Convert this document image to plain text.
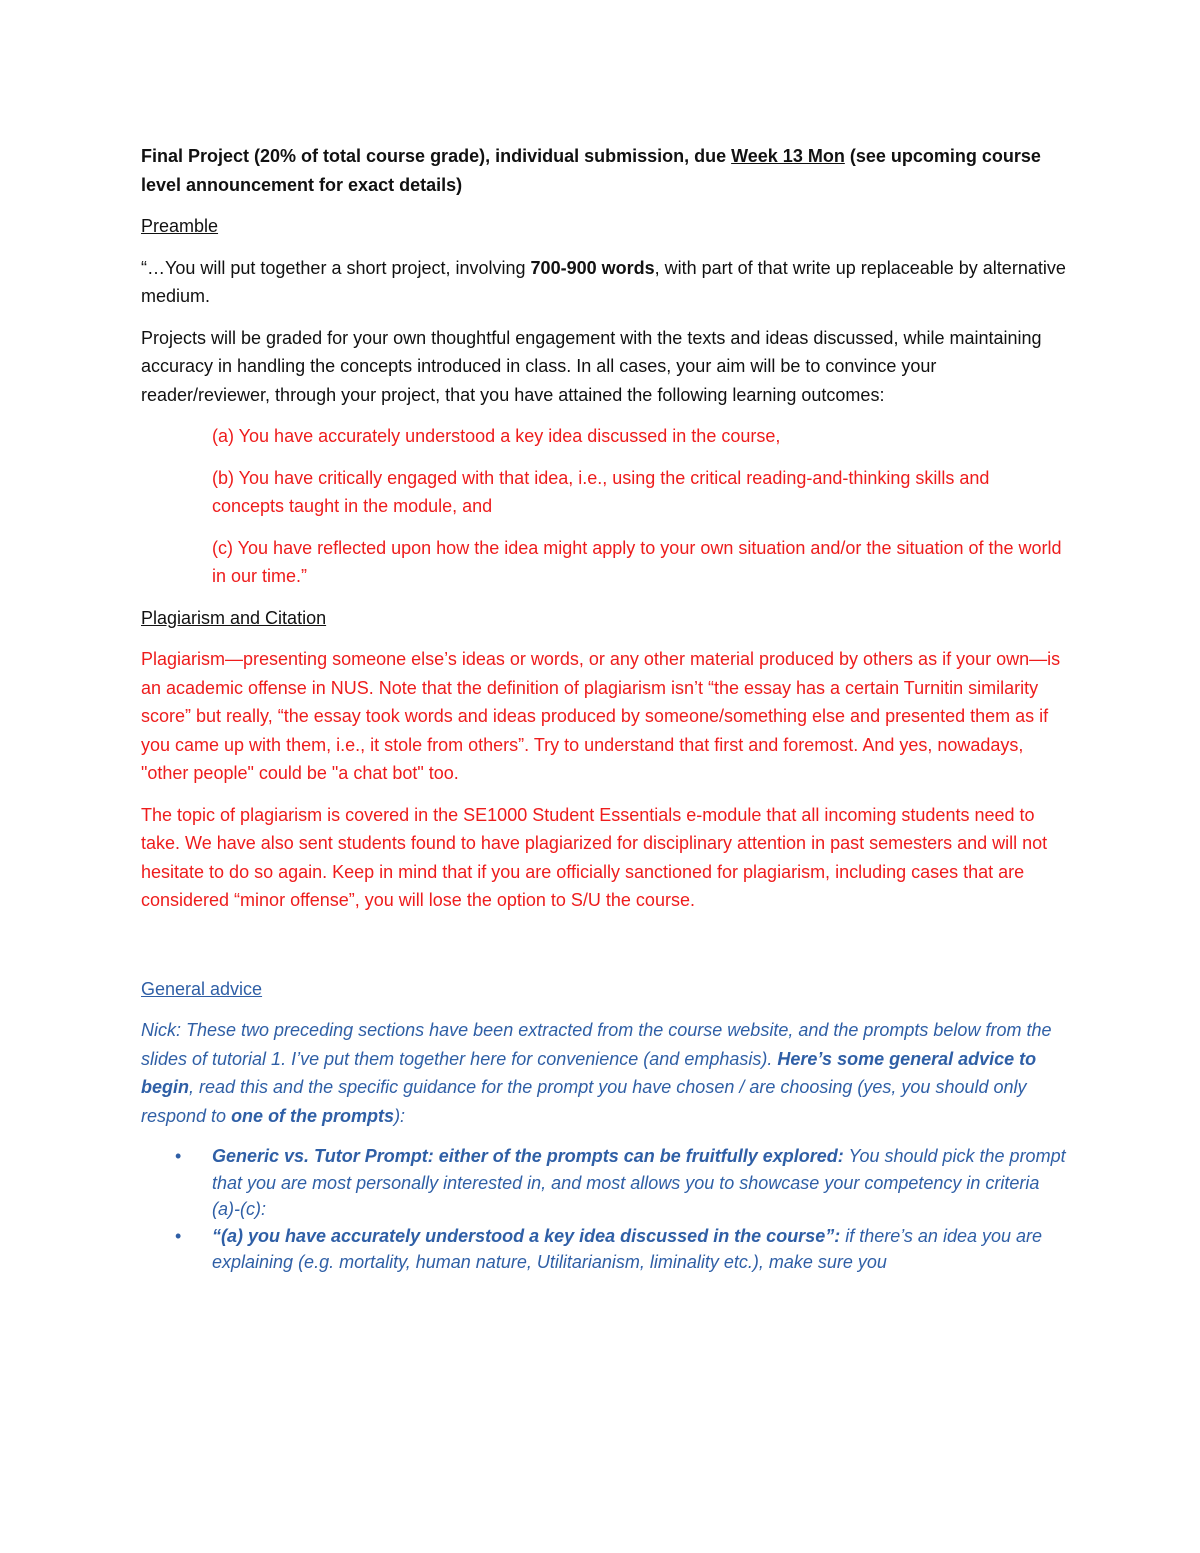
Final Project (20% of total course grade), individual submission, due Week 13 Mon (see upcoming course level announcement for exact details)

Preamble

“…You will put together a short project, involving 700-900 words, with part of that write up replaceable by alternative medium.

Projects will be graded for your own thoughtful engagement with the texts and ideas discussed, while maintaining accuracy in handling the concepts introduced in class. In all cases, your aim will be to convince your reader/reviewer, through your project, that you have attained the following learning outcomes:

(a) You have accurately understood a key idea discussed in the course,

(b) You have critically engaged with that idea, i.e., using the critical reading-and-thinking skills and concepts taught in the module, and

(c) You have reflected upon how the idea might apply to your own situation and/or the situation of the world in our time.”

Plagiarism and Citation

Plagiarism—presenting someone else’s ideas or words, or any other material produced by others as if your own—is an academic offense in NUS. Note that the definition of plagiarism isn’t “the essay has a certain Turnitin similarity score” but really, “the essay took words and ideas produced by someone/something else and presented them as if you came up with them, i.e., it stole from others”. Try to understand that first and foremost. And yes, nowadays, "other people" could be "a chat bot" too.

The topic of plagiarism is covered in the SE1000 Student Essentials e-module that all incoming students need to take. We have also sent students found to have plagiarized for disciplinary attention in past semesters and will not hesitate to do so again. Keep in mind that if you are officially sanctioned for plagiarism, including cases that are considered “minor offense”, you will lose the option to S/U the course.

General advice

Nick: These two preceding sections have been extracted from the course website, and the prompts below from the slides of tutorial 1. I’ve put them together here for convenience (and emphasis). Here’s some general advice to begin, read this and the specific guidance for the prompt you have chosen / are choosing (yes, you should only respond to one of the prompts):

• Generic vs. Tutor Prompt: either of the prompts can be fruitfully explored: You should pick the prompt that you are most personally interested in, and most allows you to showcase your competency in criteria (a)-(c):
• “(a) you have accurately understood a key idea discussed in the course”: if there’s an idea you are explaining (e.g. mortality, human nature, Utilitarianism, liminality etc.), make sure you
